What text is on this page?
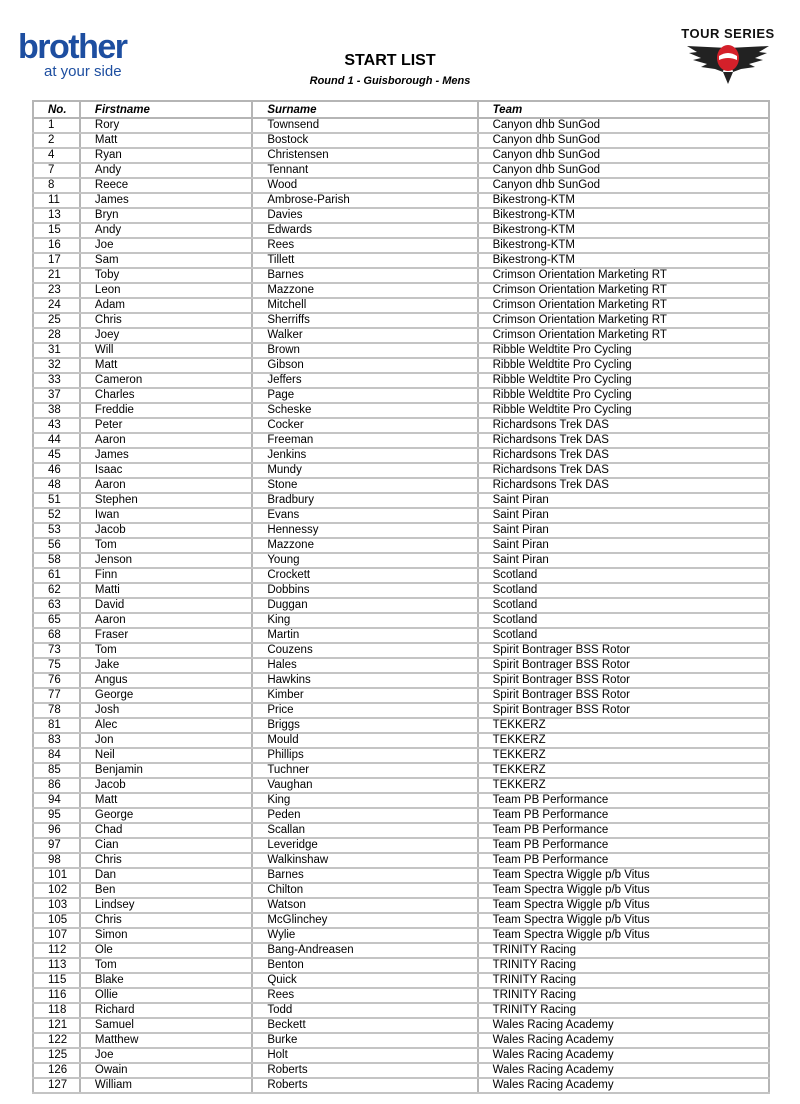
brother
at your side
TOUR SERIES
START LIST
Round 1 - Guisborough - Mens
No.	Firstname	Surname	Team
1	Rory	Townsend	Canyon dhb SunGod
2	Matt	Bostock	Canyon dhb SunGod
4	Ryan	Christensen	Canyon dhb SunGod
7	Andy	Tennant	Canyon dhb SunGod
8	Reece	Wood	Canyon dhb SunGod
11	James	Ambrose-Parish	Bikestrong-KTM
13	Bryn	Davies	Bikestrong-KTM
15	Andy	Edwards	Bikestrong-KTM
16	Joe	Rees	Bikestrong-KTM
17	Sam	Tillett	Bikestrong-KTM
21	Toby	Barnes	Crimson Orientation Marketing RT
23	Leon	Mazzone	Crimson Orientation Marketing RT
24	Adam	Mitchell	Crimson Orientation Marketing RT
25	Chris	Sherriffs	Crimson Orientation Marketing RT
28	Joey	Walker	Crimson Orientation Marketing RT
31	Will	Brown	Ribble Weldtite Pro Cycling
32	Matt	Gibson	Ribble Weldtite Pro Cycling
33	Cameron	Jeffers	Ribble Weldtite Pro Cycling
37	Charles	Page	Ribble Weldtite Pro Cycling
38	Freddie	Scheske	Ribble Weldtite Pro Cycling
43	Peter	Cocker	Richardsons Trek DAS
44	Aaron	Freeman	Richardsons Trek DAS
45	James	Jenkins	Richardsons Trek DAS
46	Isaac	Mundy	Richardsons Trek DAS
48	Aaron	Stone	Richardsons Trek DAS
51	Stephen	Bradbury	Saint Piran
52	Iwan	Evans	Saint Piran
53	Jacob	Hennessy	Saint Piran
56	Tom	Mazzone	Saint Piran
58	Jenson	Young	Saint Piran
61	Finn	Crockett	Scotland
62	Matti	Dobbins	Scotland
63	David	Duggan	Scotland
65	Aaron	King	Scotland
68	Fraser	Martin	Scotland
73	Tom	Couzens	Spirit Bontrager BSS Rotor
75	Jake	Hales	Spirit Bontrager BSS Rotor
76	Angus	Hawkins	Spirit Bontrager BSS Rotor
77	George	Kimber	Spirit Bontrager BSS Rotor
78	Josh	Price	Spirit Bontrager BSS Rotor
81	Alec	Briggs	TEKKERZ
83	Jon	Mould	TEKKERZ
84	Neil	Phillips	TEKKERZ
85	Benjamin	Tuchner	TEKKERZ
86	Jacob	Vaughan	TEKKERZ
94	Matt	King	Team PB Performance
95	George	Peden	Team PB Performance
96	Chad	Scallan	Team PB Performance
97	Cian	Leveridge	Team PB Performance
98	Chris	Walkinshaw	Team PB Performance
101	Dan	Barnes	Team Spectra Wiggle p/b Vitus
102	Ben	Chilton	Team Spectra Wiggle p/b Vitus
103	Lindsey	Watson	Team Spectra Wiggle p/b Vitus
105	Chris	McGlinchey	Team Spectra Wiggle p/b Vitus
107	Simon	Wylie	Team Spectra Wiggle p/b Vitus
112	Ole	Bang-Andreasen	TRINITY Racing
113	Tom	Benton	TRINITY Racing
115	Blake	Quick	TRINITY Racing
116	Ollie	Rees	TRINITY Racing
118	Richard	Todd	TRINITY Racing
121	Samuel	Beckett	Wales Racing Academy
122	Matthew	Burke	Wales Racing Academy
125	Joe	Holt	Wales Racing Academy
126	Owain	Roberts	Wales Racing Academy
127	William	Roberts	Wales Racing Academy
